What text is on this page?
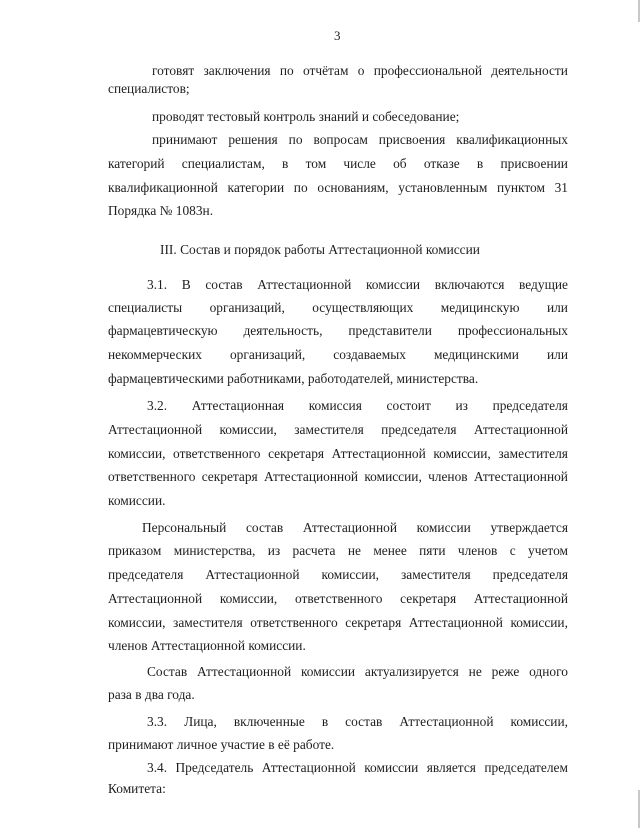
3
III. Состав и порядок работы Аттестационной комиссии
готовят заключения по отчётам о профессиональной деятельности
специалистов;
проводят тестовый контроль знаний и собеседование;
принимают решения по вопросам присвоения квалификационных
категорий специалистам, в том числе об отказе в присвоении
квалификационной категории по основаниям, установленным пунктом 31
Порядка № 1083н.
3.1. В состав Аттестационной комиссии включаются ведущие
специалисты организаций, осуществляющих медицинскую или
фармацевтическую деятельность, представители профессиональных
некоммерческих организаций, создаваемых медицинскими или
фармацевтическими работниками, работодателей, министерства.
3.2. Аттестационная комиссия состоит из председателя
Аттестационной комиссии, заместителя председателя Аттестационной
комиссии, ответственного секретаря Аттестационной комиссии, заместителя
ответственного секретаря Аттестационной комиссии, членов Аттестационной
комиссии.
Персональный состав Аттестационной комиссии утверждается
приказом министерства, из расчета не менее пяти членов с учетом
председателя Аттестационной комиссии, заместителя председателя
Аттестационной комиссии, ответственного секретаря Аттестационной
комиссии, заместителя ответственного секретаря Аттестационной комиссии,
членов Аттестационной комиссии.
Состав Аттестационной комиссии актуализируется не реже одного
раза в два года.
3.3. Лица, включенные в состав Аттестационной комиссии,
принимают личное участие в её работе.
3.4. Председатель Аттестационной комиссии является председателем
Комитета:
